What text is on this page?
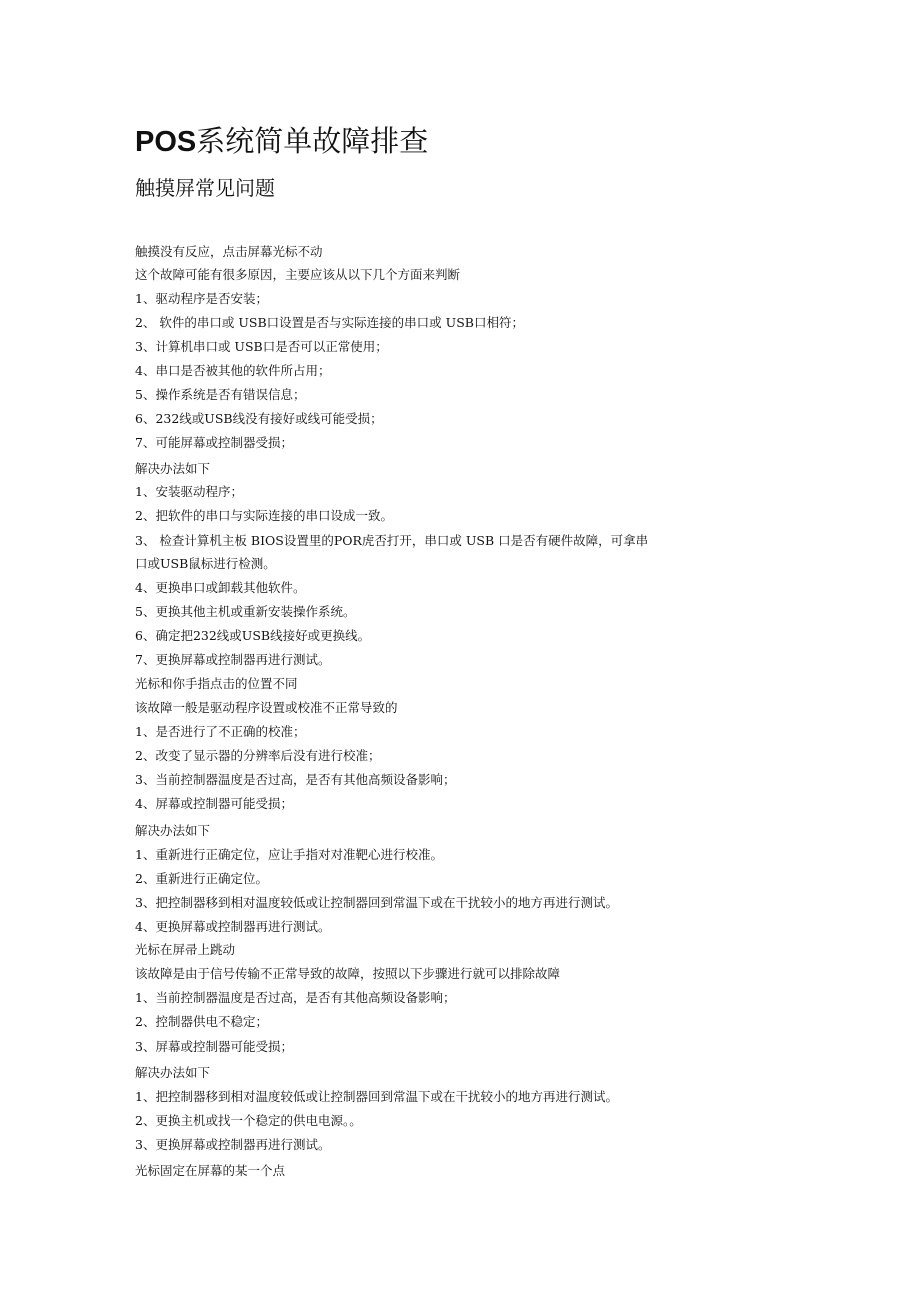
POS系统简单故障排查
触摸屏常见问题
触摸没有反应，点击屏幕光标不动
这个故障可能有很多原因，主要应该从以下几个方面来判断
1、驱动程序是否安装；
2、 软件的串口或 USB口设置是否与实际连接的串口或 USB口相符；
3、计算机串口或 USB口是否可以正常使用；
4、串口是否被其他的软件所占用；
5、操作系统是否有错误信息；
6、232线或USB线没有接好或线可能受损；
7、可能屏幕或控制器受损；
解决办法如下
1、安装驱动程序；
2、把软件的串口与实际连接的串口设成一致。
3、 检查计算机主板 BIOS设置里的POR虎否打开，串口或 USB 口是否有硬件故障，可拿串
口或USB鼠标进行检测。
4、更换串口或卸载其他软件。
5、更换其他主机或重新安装操作系统。
6、确定把232线或USB线接好或更换线。
7、更换屏幕或控制器再进行测试。
光标和你手指点击的位置不同
该故障一般是驱动程序设置或校准不正常导致的
1、是否进行了不正确的校准；
2、改变了显示器的分辨率后没有进行校准；
3、当前控制器温度是否过高，是否有其他高频设备影响；
4、屏幕或控制器可能受损；
解决办法如下
1、重新进行正确定位，应让手指对对准靶心进行校准。
2、重新进行正确定位。
3、把控制器移到相对温度较低或让控制器回到常温下或在干扰较小的地方再进行测试。
4、更换屏幕或控制器再进行测试。
光标在屏帚上跳动
该故障是由于信号传输不正常导致的故障，按照以下步骤进行就可以排除故障
1、当前控制器温度是否过高，是否有其他高频设备影响；
2、控制器供电不稳定；
3、屏幕或控制器可能受损；
解决办法如下
1、把控制器移到相对温度较低或让控制器回到常温下或在干扰较小的地方再进行测试。
2、更换主机或找一个稳定的供电电源。。
3、更换屏幕或控制器再进行测试。
光标固定在屏幕的某一个点
